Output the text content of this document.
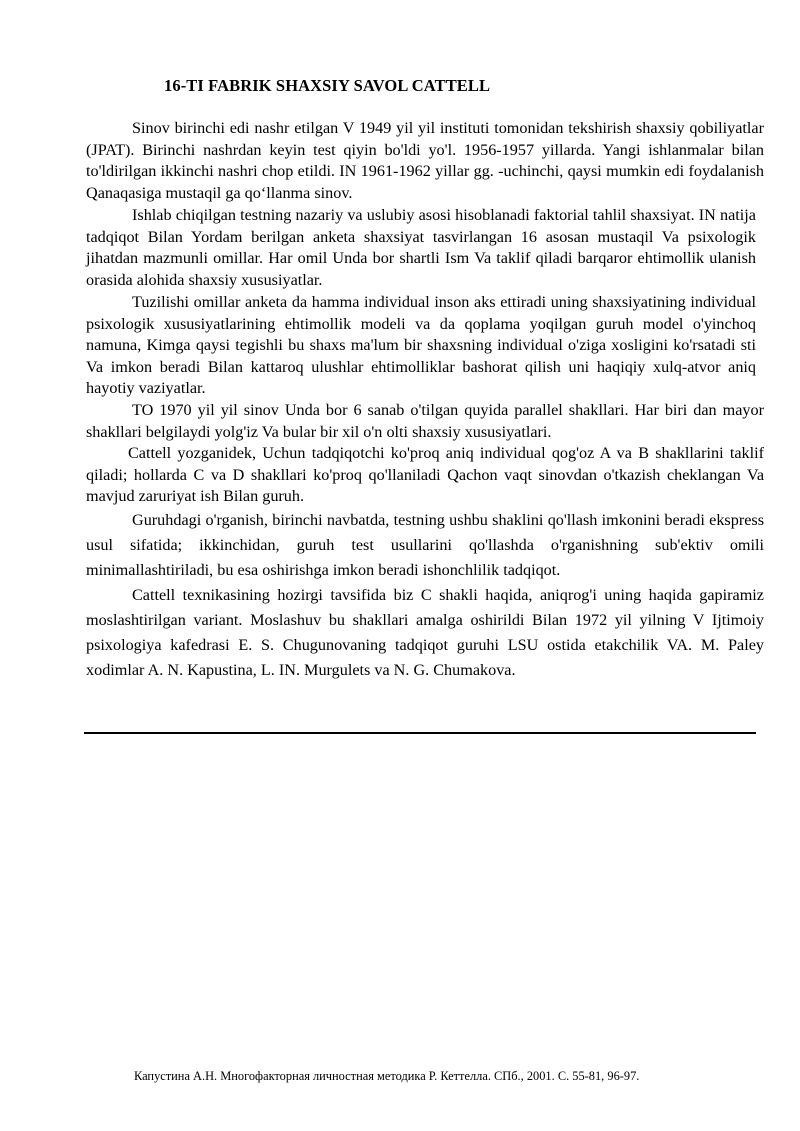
16-TI FABRIK SHAXSIY SAVOL CATTELL

Sinov birinchi edi nashr etilgan V 1949 yil yil instituti tomonidan tekshirish shaxsiy qobiliyatlar (JPAT). Birinchi nashrdan keyin test qiyin bo'ldi yo'l. 1956-1957 yillarda. Yangi ishlanmalar bilan to'ldirilgan ikkinchi nashri chop etildi. IN 1961-1962 yillar gg. -uchinchi, qaysi mumkin edi foydalanish Qanaqasiga mustaqil ga qo‘llanma sinov.

Ishlab chiqilgan testning nazariy va uslubiy asosi hisoblanadi faktorial tahlil shaxsiyat. IN natija tadqiqot Bilan Yordam berilgan anketa shaxsiyat tasvirlangan 16 asosan mustaqil Va psixologik jihatdan mazmunli omillar. Har omil Unda bor shartli Ism Va taklif qiladi barqaror ehtimollik ulanish orasida alohida shaxsiy xususiyatlar.

Tuzilishi omillar anketa da hamma individual inson aks ettiradi uning shaxsiyatining individual psixologik xususiyatlarining ehtimollik modeli va da qoplama yoqilgan guruh model o'yinchoq namuna, Kimga qaysi tegishli bu shaxs ma'lum bir shaxsning individual o'ziga xosligini ko'rsatadi sti Va imkon beradi Bilan kattaroq ulushlar ehtimolliklar bashorat qilish uni haqiqiy xulq-atvor aniq hayotiy vaziyatlar.

TO 1970 yil yil sinov Unda bor 6 sanab o'tilgan quyida parallel shakllari. Har biri dan mayor shakllari belgilaydi yolg'iz Va bular bir xil o'n olti shaxsiy xususiyatlari.

Cattell yozganidek, Uchun tadqiqotchi ko'proq aniq individual qog'oz A va B shakllarini taklif qiladi; hollarda C va D shakllari ko'proq qo'llaniladi Qachon vaqt sinovdan o'tkazish cheklangan Va mavjud zaruriyat ish Bilan guruh.

Guruhdagi o'rganish, birinchi navbatda, testning ushbu shaklini qo'llash imkonini beradi ekspress usul sifatida; ikkinchidan, guruh test usullarini qo'llashda o'rganishning sub'ektiv omili minimallashtiriladi, bu esa oshirishga imkon beradi ishonchlilik tadqiqot.

Cattell texnikasining hozirgi tavsifida biz C shakli haqida, aniqrog'i uning haqida gapiramiz moslashtirilgan variant. Moslashuv bu shakllari amalga oshirildi Bilan 1972 yil yilning V Ijtimoiy psixologiya kafedrasi E. S. Chugunovaning tadqiqot guruhi LSU ostida etakchilik VA. M. Paley xodimlar A. N. Kapustina, L. IN. Murgulets va N. G. Chumakova.

Капустина А.Н. Многофакторная личностная методика Р. Кеттелла. СПб., 2001. С. 55-81, 96-97.
